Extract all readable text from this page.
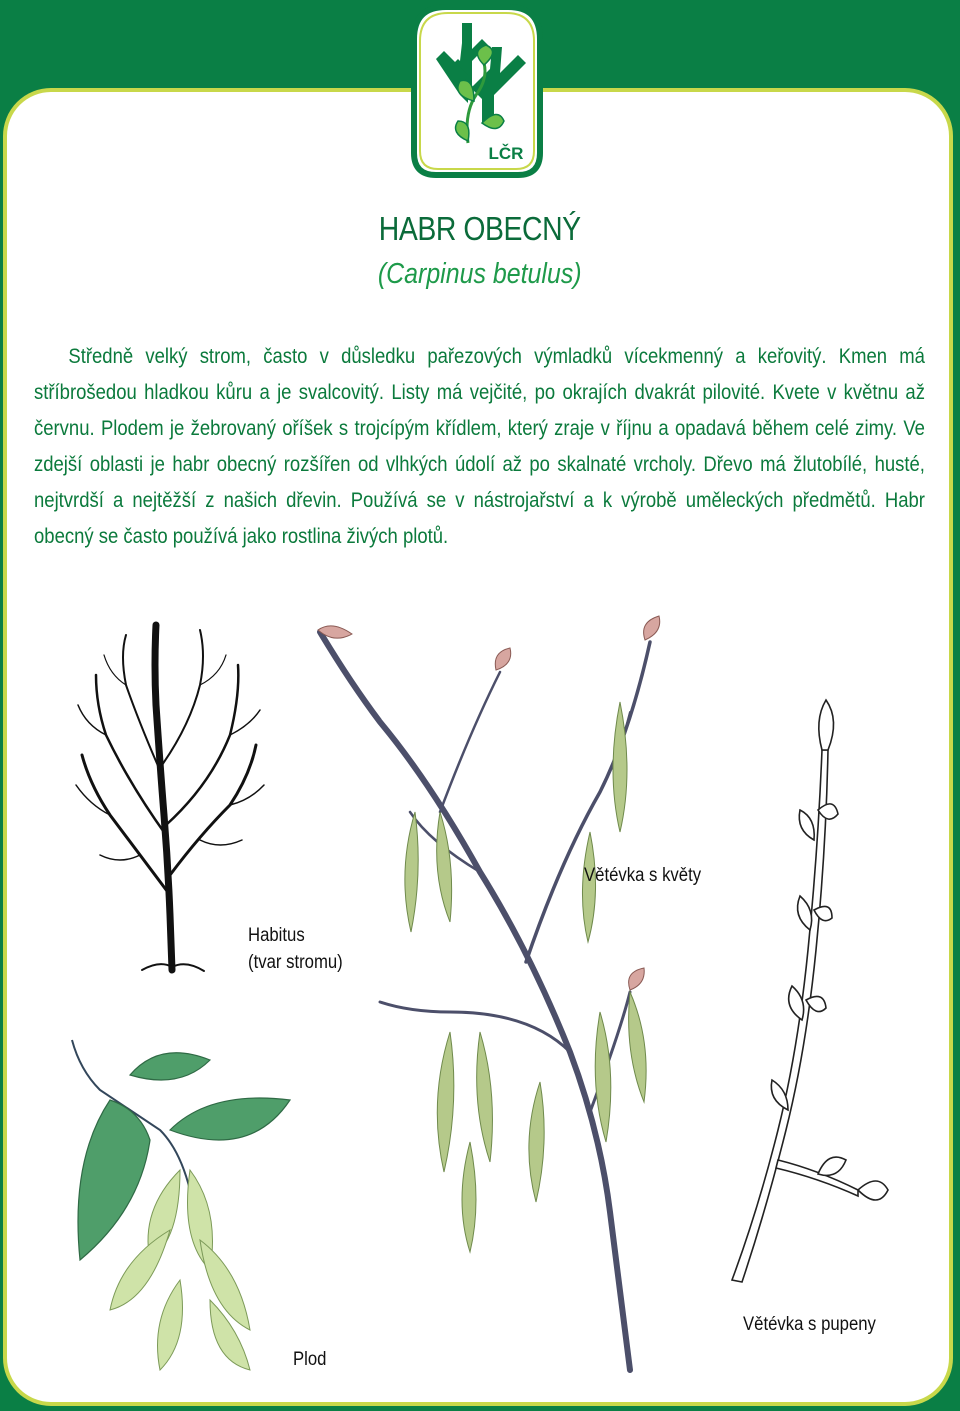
LČR
HABR OBECNÝ
(Carpinus betulus)
Středně velký strom, často v důsledku pařezových výmladků vícekmenný a keřovitý. Kmen má stříbrošedou hladkou kůru a je svalcovitý. Listy má vejčité, po okrajích dvakrát pilovité. Kvete v květnu až červnu. Plodem je žebrovaný oříšek s trojcípým křídlem, který zraje v říjnu a opadavá během celé zimy. Ve zdejší oblasti je habr obecný rozšířen od vlhkých údolí až po skalnaté vrcholy. Dřevo má žlutobílé, husté, nejtvrdší a nejtěžší z našich dřevin. Používá se v nástrojařství a k výrobě uměleckých předmětů. Habr obecný se často používá jako rostlina živých plotů.
Habitus
(tvar stromu)
Větévka s květy
Plod
Větévka s pupeny
